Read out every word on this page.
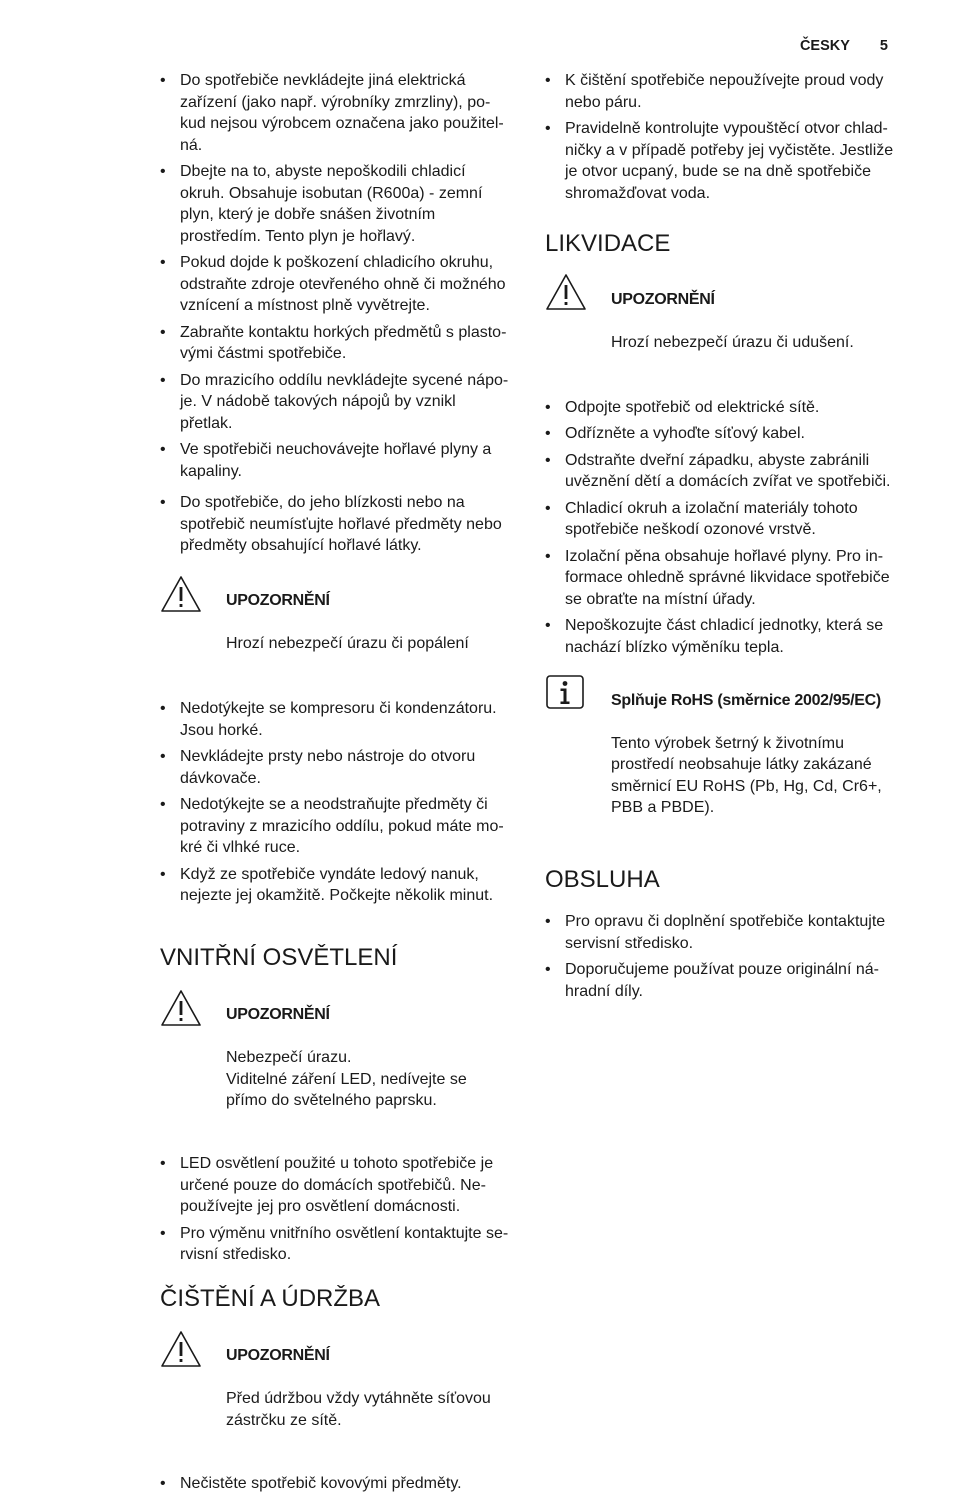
ČESKY 5
• Do spotřebiče nevkládejte jiná elektrická
zařízení (jako např. výrobníky zmrzliny), po-
kud nejsou výrobcem označena jako použitel-
ná.
• Dbejte na to, abyste nepoškodili chladicí
okruh. Obsahuje isobutan (R600a) - zemní
plyn, který je dobře snášen životním
prostředím. Tento plyn je hořlavý.
• Pokud dojde k poškození chladicího okruhu,
odstraňte zdroje otevřeného ohně či možného
vznícení a místnost plně vyvětrejte.
• Zabraňte kontaktu horkých předmětů s plasto-
vými částmi spotřebiče.
• Do mrazicího oddílu nevkládejte sycené nápo-
je. V nádobě takových nápojů by vznikl
přetlak.
• Ve spotřebiči neuchovávejte hořlavé plyny a
kapaliny.
• Do spotřebiče, do jeho blízkosti nebo na
spotřebič neumísťujte hořlavé předměty nebo
předměty obsahující hořlavé látky.

UPOZORNĚNÍ

Hrozí nebezpečí úrazu či popálení

• Nedotýkejte se kompresoru či kondenzátoru.
Jsou horké.
• Nevkládejte prsty nebo nástroje do otvoru
dávkovače.
• Nedotýkejte se a neodstraňujte předměty či
potraviny z mrazicího oddílu, pokud máte mo-
kré či vlhké ruce.
• Když ze spotřebiče vyndáte ledový nanuk,
nejezte jej okamžitě. Počkejte několik minut.
VNITŘNÍ OSVĚTLENÍ

UPOZORNĚNÍ

Nebezpečí úrazu.
Viditelné záření LED, nedívejte se
přímo do světelného paprsku.

• LED osvětlení použité u tohoto spotřebiče je
určené pouze do domácích spotřebičů. Ne-
používejte jej pro osvětlení domácnosti.
• Pro výměnu vnitřního osvětlení kontaktujte se-
rvisní středisko.
ČIŠTĚNÍ A ÚDRŽBA

UPOZORNĚNÍ

Před údržbou vždy vytáhněte síťovou
zástrčku ze sítě.

• Nečistěte spotřebič kovovými předměty.
• K čištění spotřebiče nepoužívejte proud vody
nebo páru.
• Pravidelně kontrolujte vypouštěcí otvor chlad-
ničky a v případě potřeby jej vyčistěte. Jestliže
je otvor ucpaný, bude se na dně spotřebiče
shromažďovat voda.
LIKVIDACE

UPOZORNĚNÍ

Hrozí nebezpečí úrazu či udušení.

• Odpojte spotřebič od elektrické sítě.
• Odřízněte a vyhoďte síťový kabel.
• Odstraňte dveřní západku, abyste zabránili
uvěznění dětí a domácích zvířat ve spotřebiči.
• Chladicí okruh a izolační materiály tohoto
spotřebiče neškodí ozonové vrstvě.
• Izolační pěna obsahuje hořlavé plyny. Pro in-
formace ohledně správné likvidace spotřebiče
se obraťte na místní úřady.
• Nepoškozujte část chladicí jednotky, která se
nachází blízko výměníku tepla.

Splňuje RoHS (směrnice 2002/95/EC)

Tento výrobek šetrný k životnímu
prostředí neobsahuje látky zakázané
směrnicí EU RoHS (Pb, Hg, Cd, Cr6+,
PBB a PBDE).

OBSLUHA
• Pro opravu či doplnění spotřebiče kontaktujte
servisní středisko.
• Doporučujeme používat pouze originální ná-
hradní díly.
